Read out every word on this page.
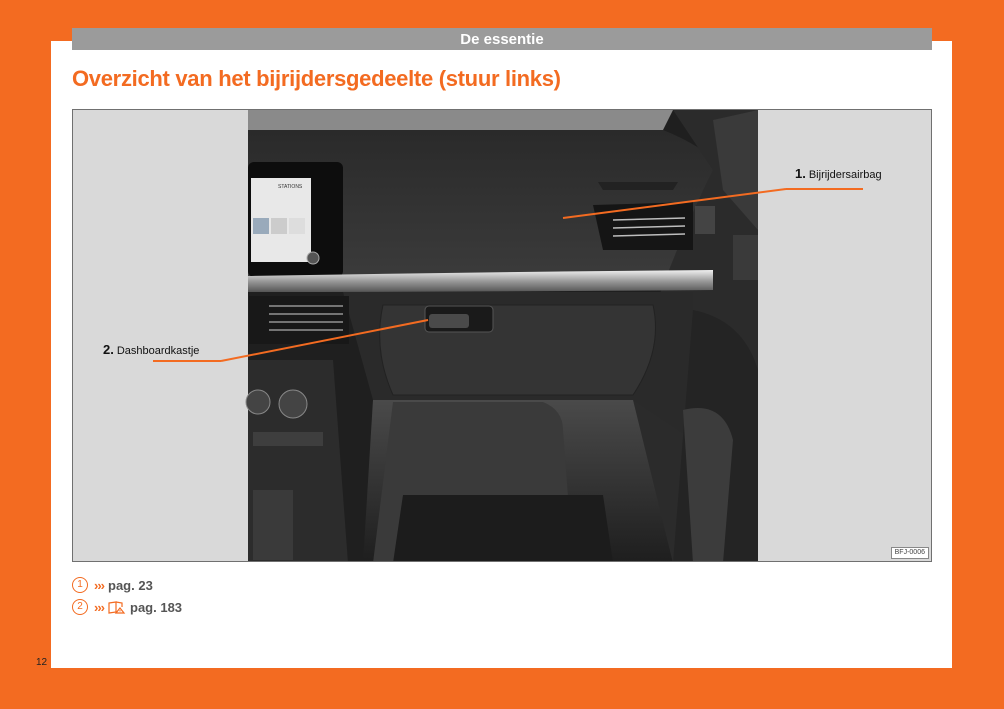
De essentie
Overzicht van het bijrijdersgedeelte (stuur links)
STATIONS
1. Bijrijdersairbag
2. Dashboardkastje
BFJ-0006
1 ››› pag. 23
2 ››› pag. 183
12
